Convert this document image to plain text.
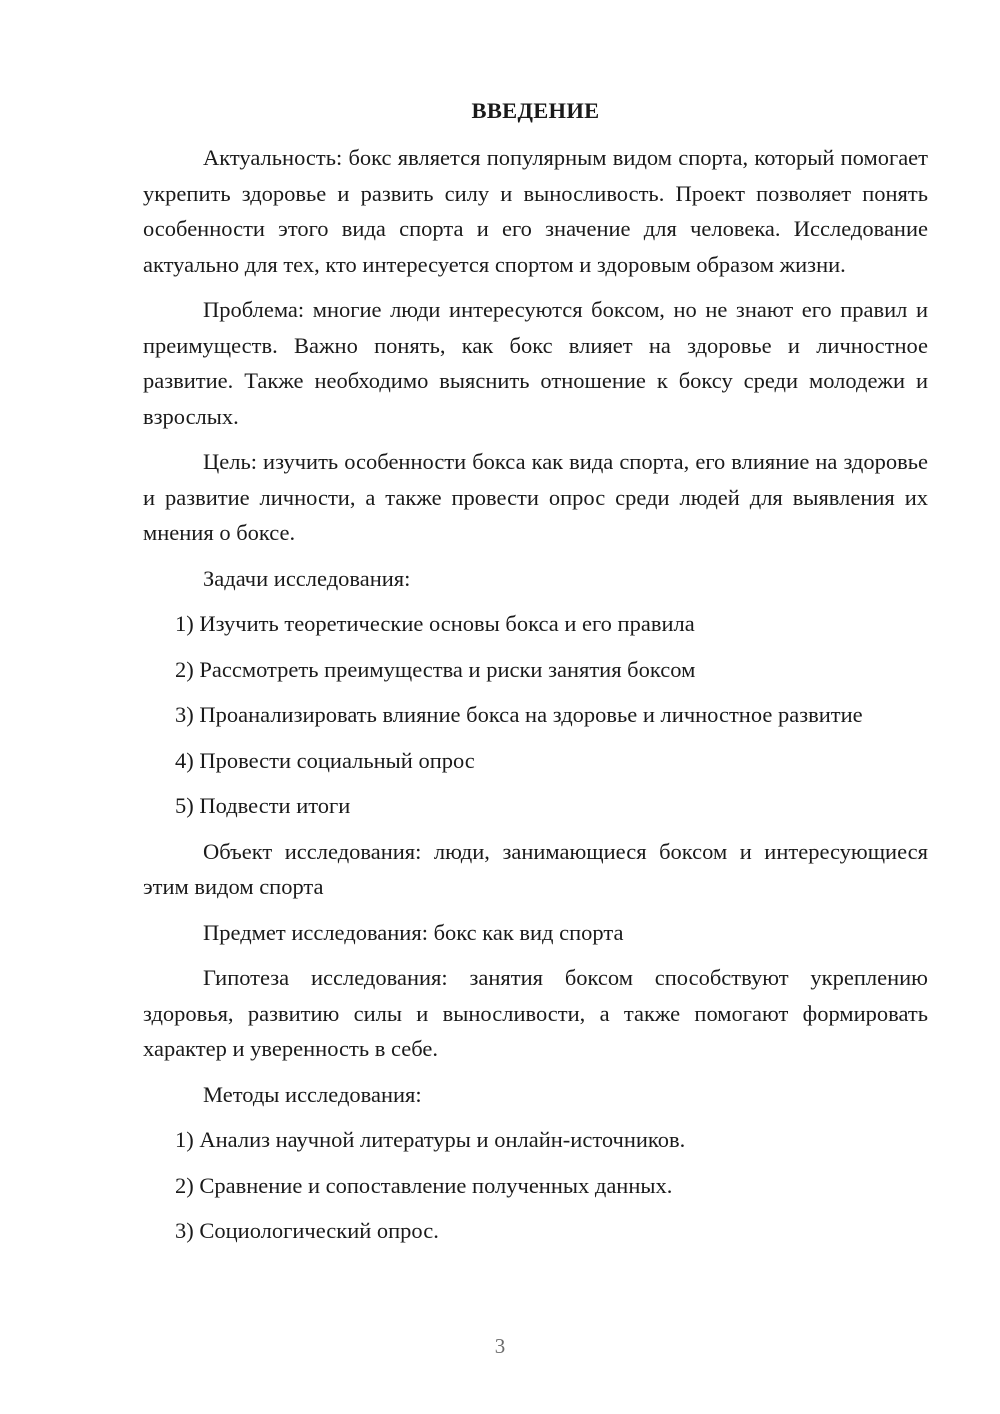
ВВЕДЕНИЕ

Актуальность: бокс является популярным видом спорта, который помогает укрепить здоровье и развить силу и выносливость. Проект позволяет понять особенности этого вида спорта и его значение для человека. Исследование актуально для тех, кто интересуется спортом и здоровым образом жизни.

Проблема: многие люди интересуются боксом, но не знают его правил и преимуществ. Важно понять, как бокс влияет на здоровье и личностное развитие. Также необходимо выяснить отношение к боксу среди молодежи и взрослых.

Цель: изучить особенности бокса как вида спорта, его влияние на здоровье и развитие личности, а также провести опрос среди людей для выявления их мнения о боксе.

Задачи исследования:

1) Изучить теоретические основы бокса и его правила

2) Рассмотреть преимущества и риски занятия боксом

3) Проанализировать влияние бокса на здоровье и личностное развитие

4) Провести социальный опрос

5) Подвести итоги

Объект исследования: люди, занимающиеся боксом и интересующиеся этим видом спорта

Предмет исследования: бокс как вид спорта

Гипотеза исследования: занятия боксом способствуют укреплению здоровья, развитию силы и выносливости, а также помогают формировать характер и уверенность в себе.

Методы исследования:

1) Анализ научной литературы и онлайн-источников.

2) Сравнение и сопоставление полученных данных.

3) Социологический опрос.

3
